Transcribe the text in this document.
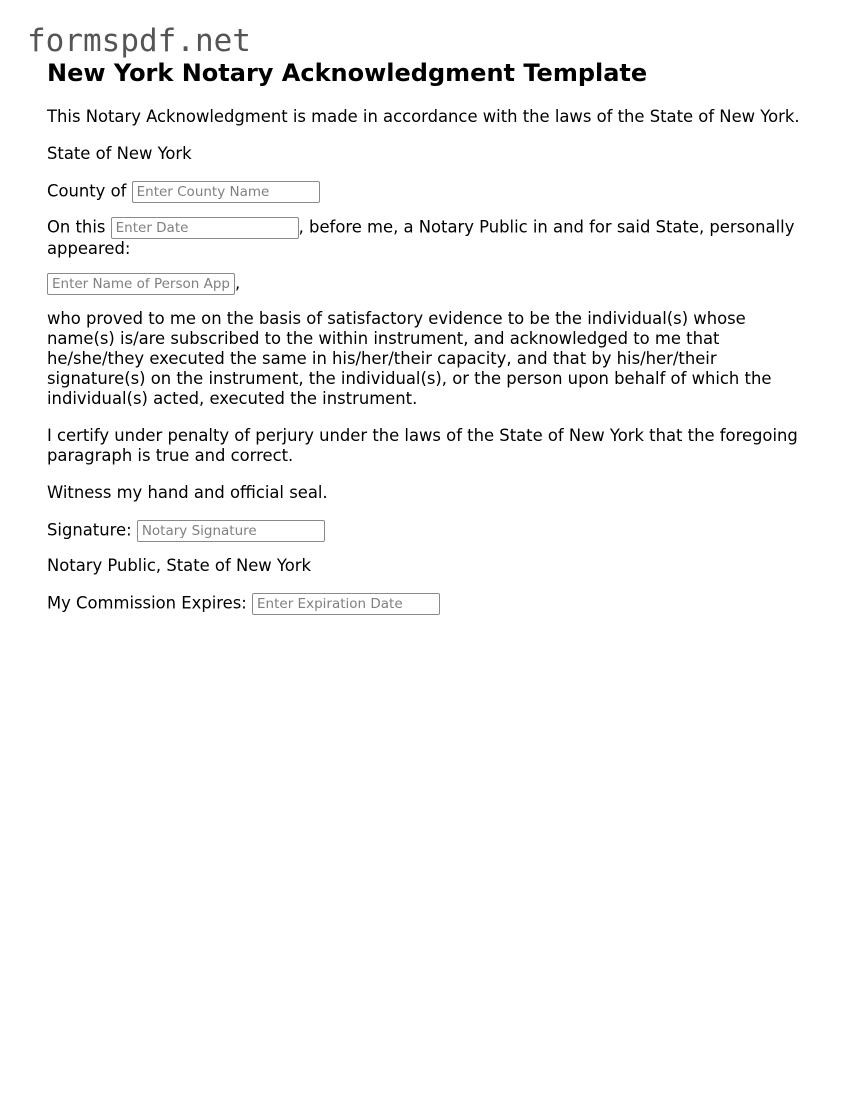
formspdf.net
New York Notary Acknowledgment Template

This Notary Acknowledgment is made in accordance with the laws of the State of New York.

State of New York

County of Enter County Name

On this Enter Date	, before me, a Notary Public in and for said State, personally appeared:

Enter Name of Person Appearing,

who proved to me on the basis of satisfactory evidence to be the individual(s) whose name(s) is/are subscribed to the within instrument, and acknowledged to me that he/she/they executed the same in his/her/their capacity, and that by his/her/their signature(s) on the instrument, the individual(s), or the person upon behalf of which the individual(s) acted, executed the instrument.

I certify under penalty of perjury under the laws of the State of New York that the foregoing paragraph is true and correct.

Witness my hand and official seal.

Signature: Notary Signature

Notary Public, State of New York

My Commission Expires: Enter Expiration Date
